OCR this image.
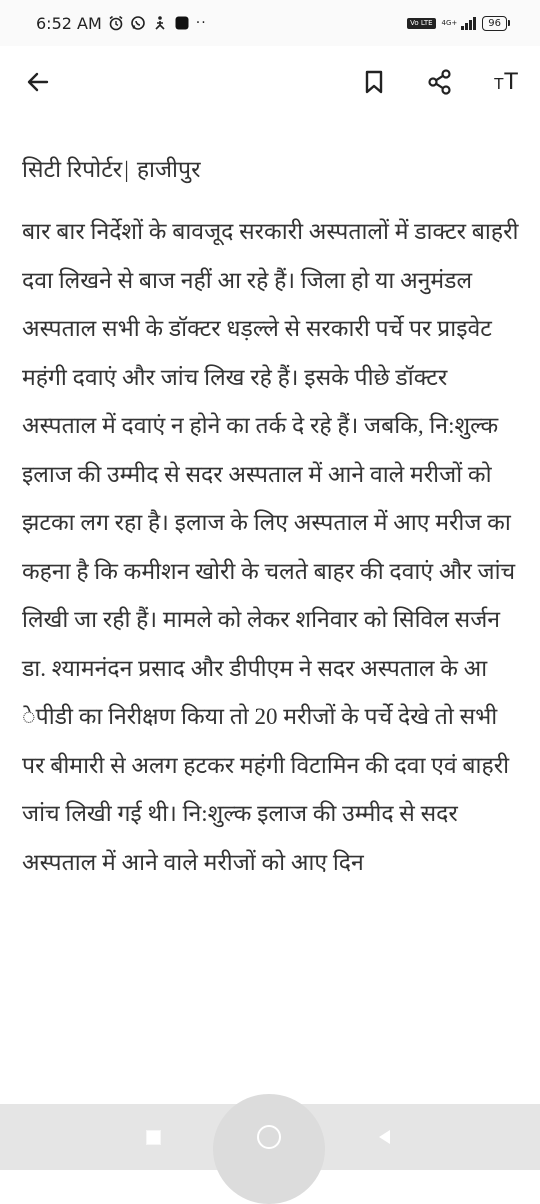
6:52 AM	··	Vo LTE	4G+	96
T T

सिटी रिपोर्टर| हाजीपुर

बार बार निर्देशों के बावजूद सरकारी अस्पतालों में डाक्टर बाहरी दवा लिखने से बाज नहीं आ रहे हैं। जिला हो या अनुमंडल अस्पताल सभी के डॉक्टर धड़ल्ले से सरकारी पर्चे पर प्राइवेट महंगी दवाएं और जांच लिख रहे हैं। इसके पीछे डॉक्टर अस्पताल में दवाएं न होने का तर्क दे रहे हैं। जबकि, नि:शुल्क इलाज की उम्मीद से सदर अस्पताल में आने वाले मरीजों को झटका लग रहा है। इलाज के लिए अस्पताल में आए मरीज का कहना है कि कमीशन खोरी के चलते बाहर की दवाएं और जांच लिखी जा रही हैं। मामले को लेकर शनिवार को सिविल सर्जन डा. श्यामनंदन प्रसाद और डीपीएम ने सदर अस्पताल के आ ेपीडी का निरीक्षण किया तो 20 मरीजों के पर्चे देखे तो सभी पर बीमारी से अलग हटकर महंगी विटामिन की दवा एवं बाहरी जांच लिखी गई थी। नि:शुल्क इलाज की उम्मीद से सदर अस्पताल में आने वाले मरीजों को आए दिन
